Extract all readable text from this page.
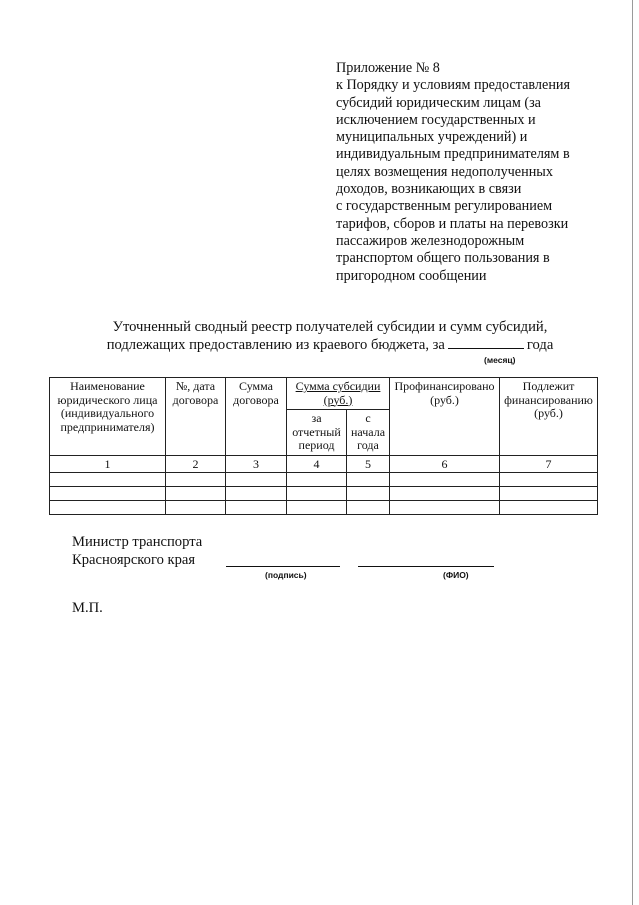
Приложение № 8
к Порядку и условиям предоставления
субсидий юридическим лицам (за
исключением государственных и
муниципальных учреждений) и
индивидуальным предпринимателям в
целях возмещения недополученных
доходов, возникающих в связи
с государственным регулированием
тарифов, сборов и платы на перевозки
пассажиров железнодорожным
транспортом общего пользования в
пригородном сообщении
Уточненный сводный реестр получателей субсидии и сумм субсидий,
подлежащих предоставлению из краевого бюджета, за	года
(месяц)
Наименование юридического лица (индивидуального предпринимателя)	№, дата договора	Сумма договора	Сумма субсидии (руб.)		Профинансировано (руб.)	Подлежит финансированию (руб.)
			за отчетный период	с начала года		
1	2	3	4	5	6	7

Министр транспорта
Красноярского края
(подпись)	(ФИО)
М.П.
